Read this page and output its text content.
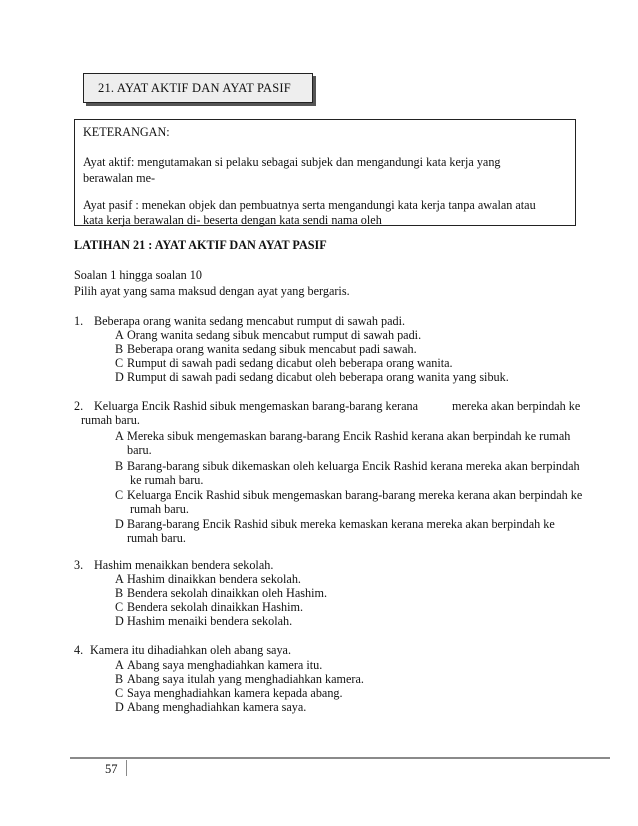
21. AYAT AKTIF DAN AYAT PASIF
KETERANGAN:
Ayat aktif: mengutamakan si pelaku sebagai subjek dan mengandungi kata kerja yang
berawalan me-
Ayat pasif : menekan objek dan pembuatnya serta mengandungi kata kerja tanpa awalan atau
kata kerja berawalan di- beserta dengan kata sendi nama oleh
LATIHAN 21 : AYAT AKTIF DAN AYAT PASIF
Soalan 1 hingga soalan 10
Pilih ayat yang sama maksud dengan ayat yang bergaris.
1. Beberapa orang wanita sedang mencabut rumput di sawah padi.
A Orang wanita sedang sibuk mencabut rumput di sawah padi.
B Beberapa orang wanita sedang sibuk mencabut padi sawah.
C Rumput di sawah padi sedang dicabut oleh beberapa orang wanita.
D Rumput di sawah padi sedang dicabut oleh beberapa orang wanita yang sibuk.
2. Keluarga Encik Rashid sibuk mengemaskan barang-barang kerana	mereka akan berpindah ke
rumah baru.
A Mereka sibuk mengemaskan barang-barang Encik Rashid kerana akan berpindah ke rumah
baru.
B Barang-barang sibuk dikemaskan oleh keluarga Encik Rashid kerana mereka akan berpindah
ke rumah baru.
C Keluarga Encik Rashid sibuk mengemaskan barang-barang mereka kerana akan berpindah ke
rumah baru.
D Barang-barang Encik Rashid sibuk mereka kemaskan kerana mereka akan berpindah ke
rumah baru.
3. Hashim menaikkan bendera sekolah.
A Hashim dinaikkan bendera sekolah.
B Bendera sekolah dinaikkan oleh Hashim.
C Bendera sekolah dinaikkan Hashim.
D Hashim menaiki bendera sekolah.
4. Kamera itu dihadiahkan oleh abang saya.
A Abang saya menghadiahkan kamera itu.
B Abang saya itulah yang menghadiahkan kamera.
C Saya menghadiahkan kamera kepada abang.
D Abang menghadiahkan kamera saya.
57
